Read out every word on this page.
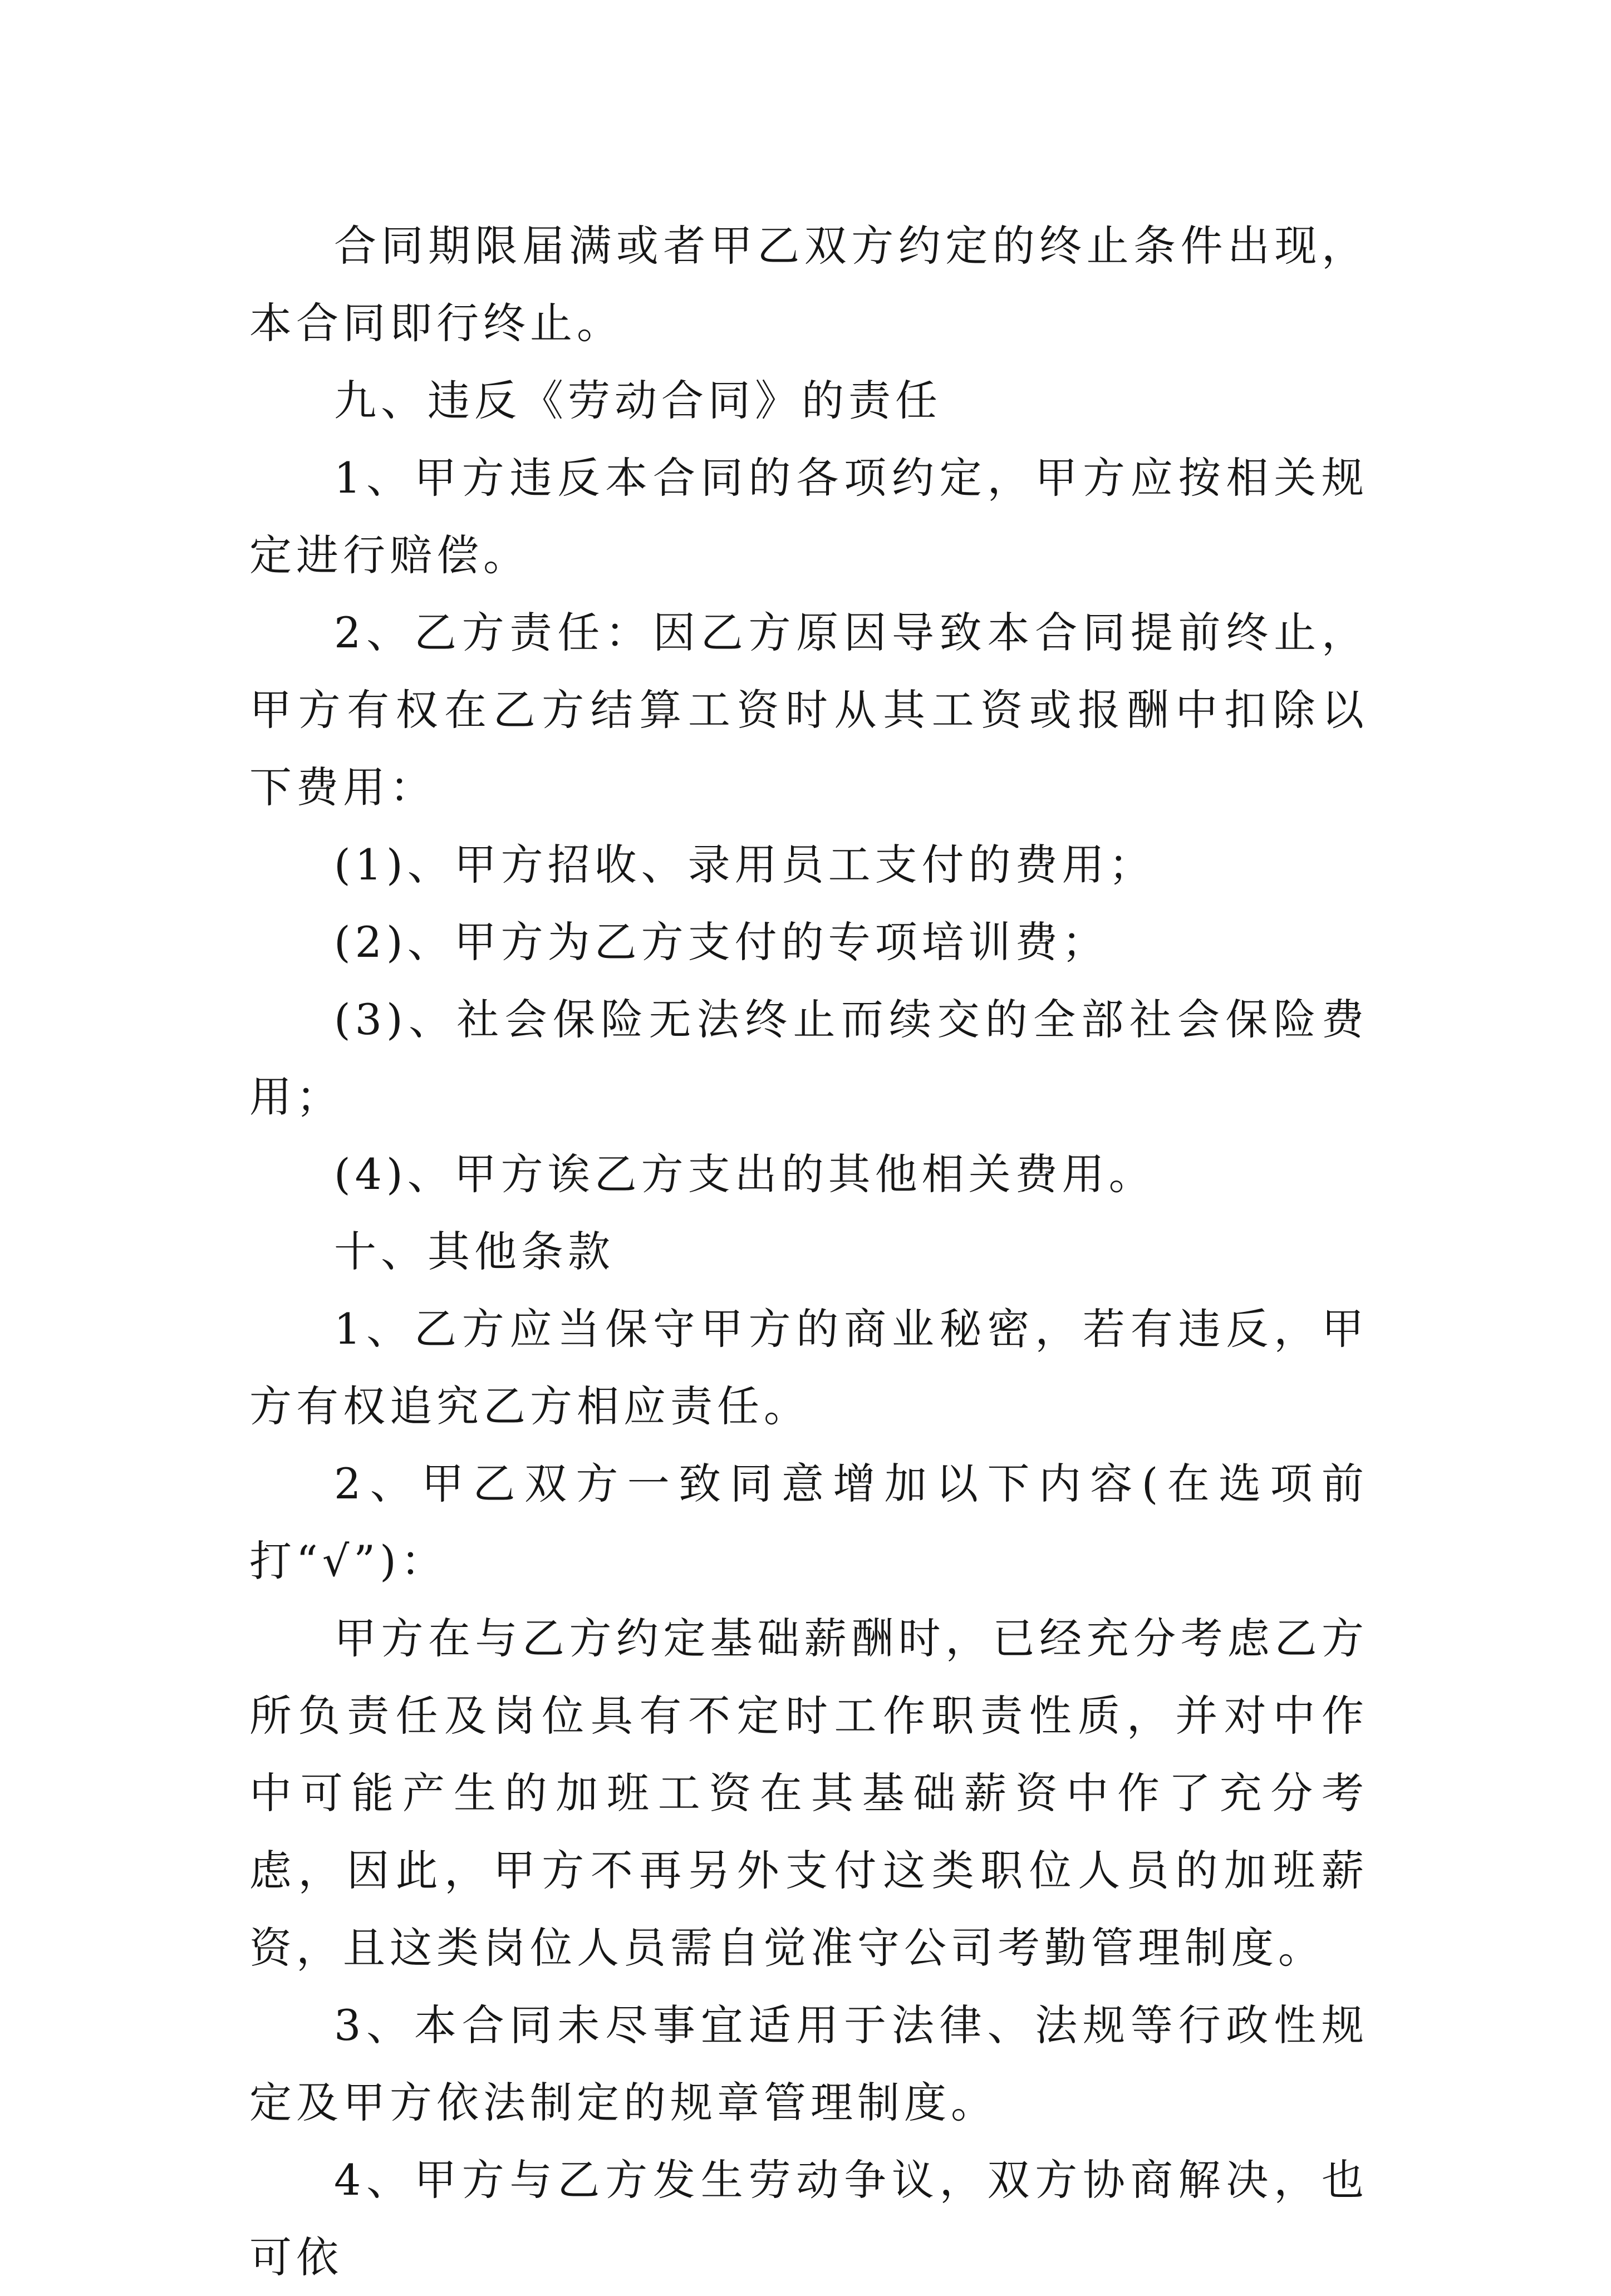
合同期限届满或者甲乙双方约定的终止条件出现，本合同即行终止。

九、违反《劳动合同》的责任

1、甲方违反本合同的各项约定，甲方应按相关规定进行赔偿。

2、乙方责任：因乙方原因导致本合同提前终止，甲方有权在乙方结算工资时从其工资或报酬中扣除以下费用：

(1)、甲方招收、录用员工支付的费用；

(2)、甲方为乙方支付的专项培训费；

(3)、社会保险无法终止而续交的全部社会保险费用；

(4)、甲方诶乙方支出的其他相关费用。

十、其他条款

1、乙方应当保守甲方的商业秘密，若有违反，甲方有权追究乙方相应责任。

2、甲乙双方一致同意增加以下内容(在选项前打“√”)：

甲方在与乙方约定基础薪酬时，已经充分考虑乙方所负责任及岗位具有不定时工作职责性质，并对中作中可能产生的加班工资在其基础薪资中作了充分考虑，因此，甲方不再另外支付这类职位人员的加班薪资，且这类岗位人员需自觉准守公司考勤管理制度。

3、本合同未尽事宜适用于法律、法规等行政性规定及甲方依法制定的规章管理制度。

4、甲方与乙方发生劳动争议，双方协商解决，也可依
